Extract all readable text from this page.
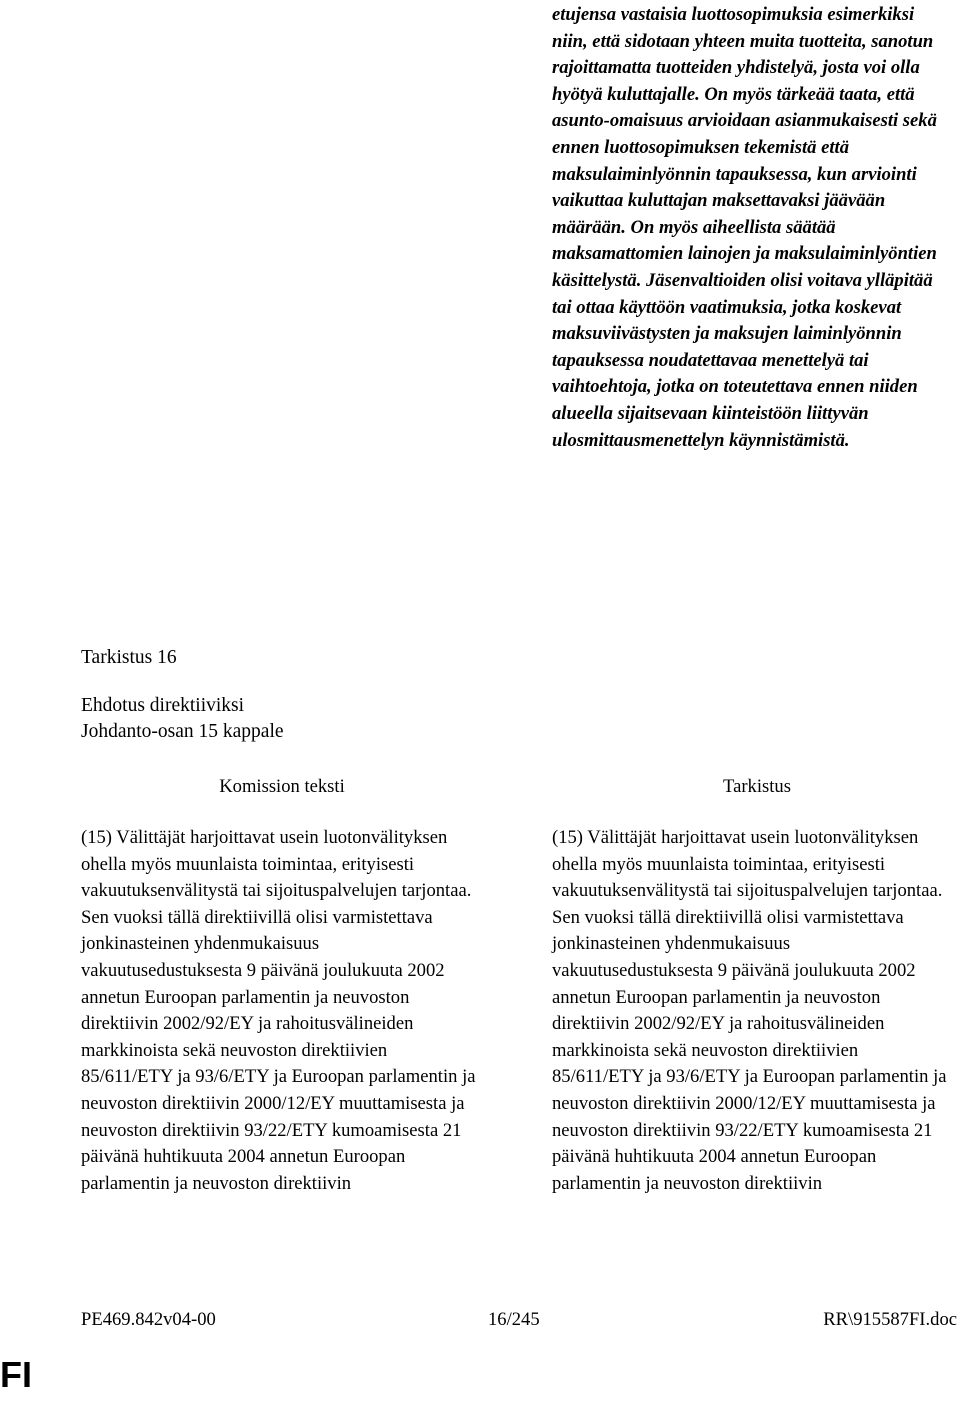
etujensa vastaisia luottosopimuksia esimerkiksi niin, että sidotaan yhteen muita tuotteita, sanotun rajoittamatta tuotteiden yhdistelyä, josta voi olla hyötyä kuluttajalle. On myös tärkeää taata, että asunto-omaisuus arvioidaan asianmukaisesti sekä ennen luottosopimuksen tekemistä että maksulaiminlyönnin tapauksessa, kun arviointi vaikuttaa kuluttajan maksettavaksi jäävään määrään. On myös aiheellista säätää maksamattomien lainojen ja maksulaiminlyöntien käsittelystä. Jäsenvaltioiden olisi voitava ylläpitää tai ottaa käyttöön vaatimuksia, jotka koskevat maksuviivästysten ja maksujen laiminlyönnin tapauksessa noudatettavaa menettelyä tai vaihtoehtoja, jotka on toteutettava ennen niiden alueella sijaitsevaan kiinteistöön liittyvän ulosmittausmenettelyn käynnistämistä.

Tarkistus 16
Ehdotus direktiiviksi
Johdanto-osan 15 kappale
Komission teksti	Tarkistus

(15) Välittäjät harjoittavat usein luotonvälityksen ohella myös muunlaista toimintaa, erityisesti vakuutuksenvälitystä tai sijoituspalvelujen tarjontaa. Sen vuoksi tällä direktiivillä olisi varmistettava jonkinasteinen yhdenmukaisuus vakuutusedustuksesta 9 päivänä joulukuuta 2002 annetun Euroopan parlamentin ja neuvoston direktiivin 2002/92/EY ja rahoitusvälineiden markkinoista sekä neuvoston direktiivien 85/611/ETY ja 93/6/ETY ja Euroopan parlamentin ja neuvoston direktiivin 2000/12/EY muuttamisesta ja neuvoston direktiivin 93/22/ETY kumoamisesta 21 päivänä huhtikuuta 2004 annetun Euroopan parlamentin ja neuvoston direktiivin

(15) Välittäjät harjoittavat usein luotonvälityksen ohella myös muunlaista toimintaa, erityisesti vakuutuksenvälitystä tai sijoituspalvelujen tarjontaa. Sen vuoksi tällä direktiivillä olisi varmistettava jonkinasteinen yhdenmukaisuus vakuutusedustuksesta 9 päivänä joulukuuta 2002 annetun Euroopan parlamentin ja neuvoston direktiivin 2002/92/EY ja rahoitusvälineiden markkinoista sekä neuvoston direktiivien 85/611/ETY ja 93/6/ETY ja Euroopan parlamentin ja neuvoston direktiivin 2000/12/EY muuttamisesta ja neuvoston direktiivin 93/22/ETY kumoamisesta 21 päivänä huhtikuuta 2004 annetun Euroopan parlamentin ja neuvoston direktiivin

PE469.842v04-00	16/245	RR\915587FI.doc
FI
